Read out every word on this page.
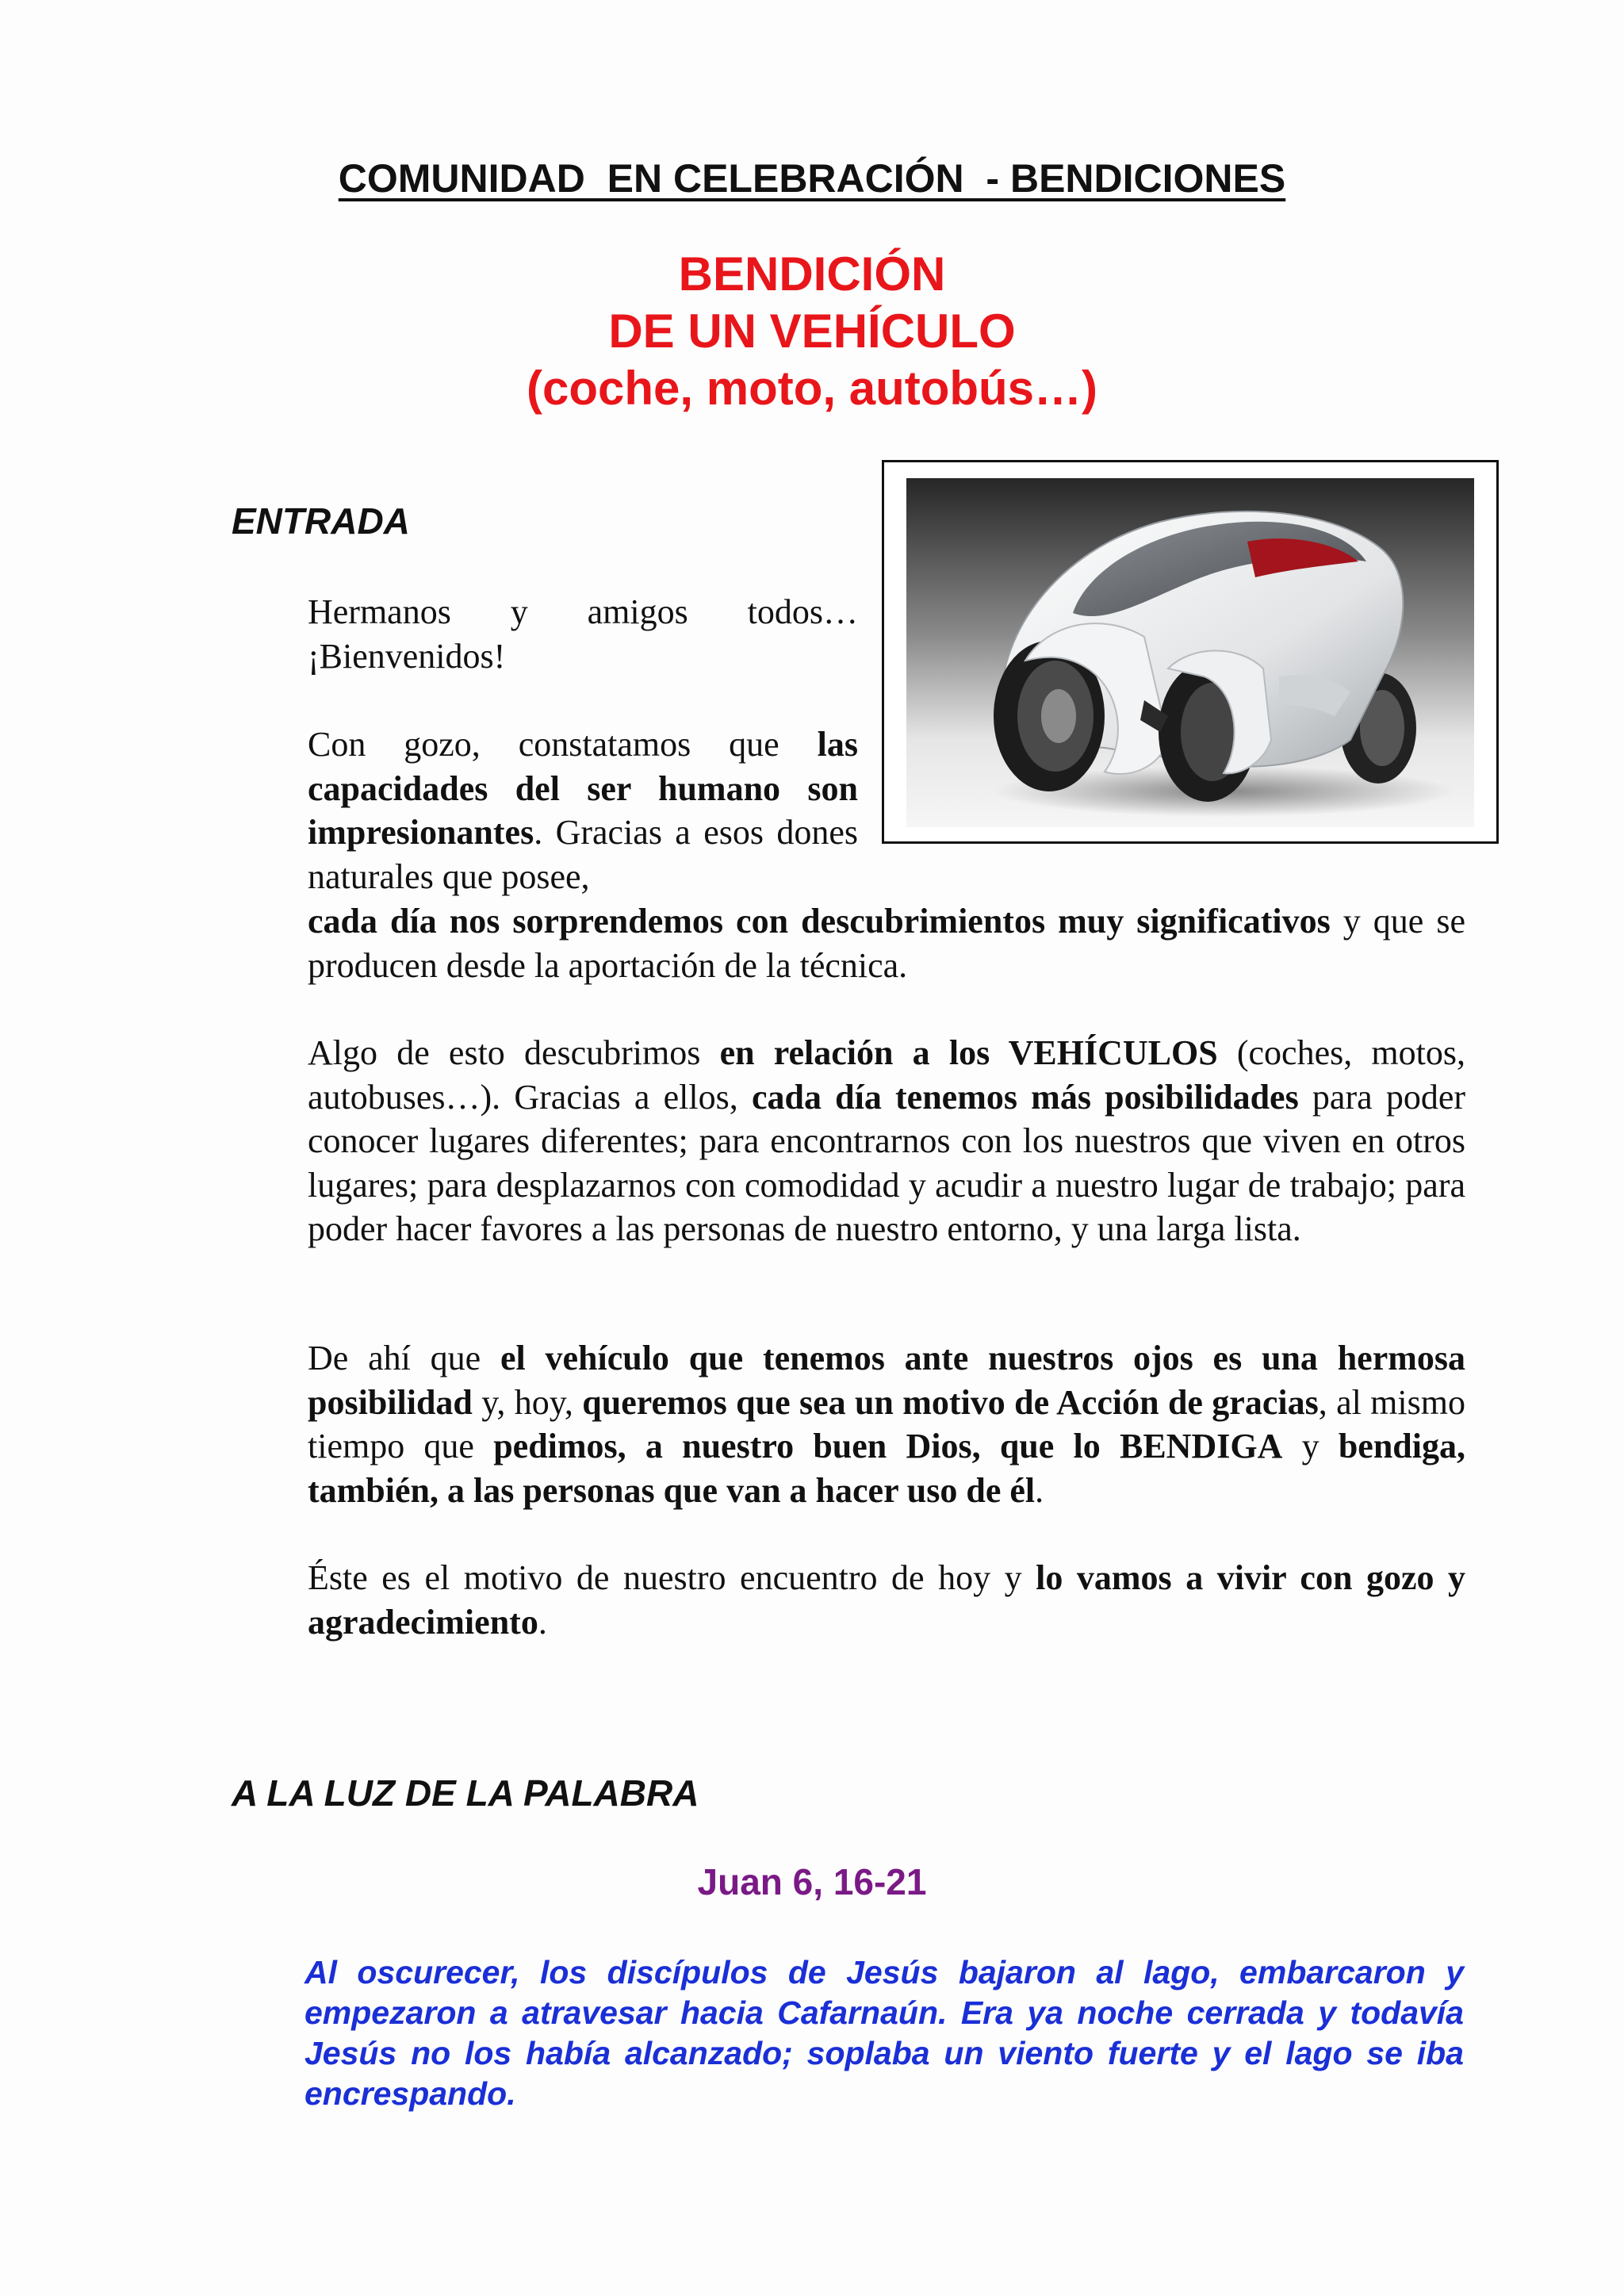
COMUNIDAD  EN CELEBRACIÓN  - BENDICIONES
BENDICIÓN
DE UN VEHÍCULO
(coche, moto, autobús…)
ENTRADA

Hermanos y amigos todos… ¡Bienvenidos!

Con gozo, constatamos que las capacidades del ser humano son impresionantes. Gracias a esos dones naturales que posee,

cada día nos sorprendemos con descubrimientos muy significativos y que se producen desde la aportación de la técnica.

Algo de esto descubrimos en relación a los VEHÍCULOS (coches, motos, autobuses…). Gracias a ellos, cada día tenemos más posibilidades para poder conocer lugares diferentes; para encontrarnos con los nuestros que viven en otros lugares; para desplazarnos con comodidad y acudir a nuestro lugar de trabajo; para poder hacer favores a las personas de nuestro entorno, y una larga lista.

De ahí que el vehículo que tenemos ante nuestros ojos es una hermosa posibilidad y, hoy, queremos que sea un motivo de Acción de gracias, al mismo tiempo que pedimos, a nuestro buen Dios, que lo BENDIGA y bendiga, también, a las personas que van a hacer uso de él.

Éste es el motivo de nuestro encuentro de hoy y lo vamos a vivir con gozo y agradecimiento.

A LA LUZ DE LA PALABRA

Juan 6, 16-21

Al oscurecer, los discípulos de Jesús bajaron al lago, embarcaron y empezaron a atravesar hacia Cafarnaún. Era ya noche cerrada y todavía Jesús no los había alcanzado; soplaba un viento fuerte y el lago se iba encrespando.
